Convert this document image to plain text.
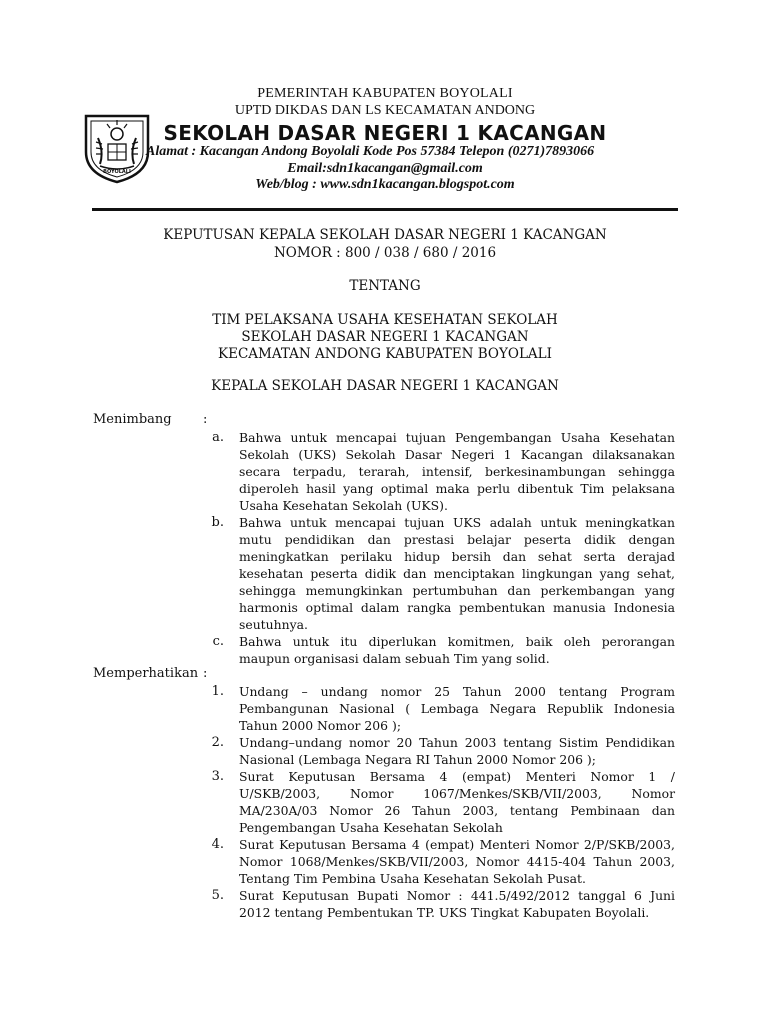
BOYOLALI
PEMERINTAH KABUPATEN BOYOLALI
UPTD DIKDAS DAN LS KECAMATAN ANDONG
SEKOLAH DASAR NEGERI 1 KACANGAN
Alamat : Kacangan Andong Boyolali Kode Pos 57384 Telepon (0271)7893066
Email:sdn1kacangan@gmail.com
Web/blog : www.sdn1kacangan.blogspot.com
KEPUTUSAN KEPALA SEKOLAH DASAR NEGERI 1 KACANGAN
NOMOR : 800 / 038 / 680 / 2016
TENTANG
TIM PELAKSANA USAHA KESEHATAN SEKOLAH
SEKOLAH DASAR NEGERI 1 KACANGAN
KECAMATAN ANDONG KABUPATEN BOYOLALI
KEPALA SEKOLAH DASAR NEGERI 1 KACANGAN
Menimbang :
a. Bahwa untuk mencapai tujuan Pengembangan Usaha Kesehatan Sekolah (UKS) Sekolah Dasar Negeri 1 Kacangan dilaksanakan secara terpadu, terarah, intensif, berkesinambungan sehingga diperoleh hasil yang optimal maka perlu dibentuk Tim pelaksana Usaha Kesehatan Sekolah (UKS).
b. Bahwa untuk mencapai tujuan UKS adalah untuk meningkatkan mutu pendidikan dan prestasi belajar peserta didik dengan meningkatkan perilaku hidup bersih dan sehat serta derajad kesehatan peserta didik dan menciptakan lingkungan yang sehat, sehingga memungkinkan pertumbuhan dan perkembangan yang harmonis optimal dalam rangka pembentukan manusia Indonesia seutuhnya.
c. Bahwa untuk itu diperlukan komitmen, baik oleh perorangan maupun organisasi dalam sebuah Tim yang solid.
Memperhatikan :
1. Undang – undang nomor 25 Tahun 2000 tentang Program Pembangunan Nasional ( Lembaga Negara Republik Indonesia Tahun 2000 Nomor 206 );
2. Undang–undang nomor 20 Tahun 2003 tentang Sistim Pendidikan Nasional (Lembaga Negara RI Tahun 2000 Nomor 206 );
3. Surat Keputusan Bersama 4 (empat) Menteri Nomor 1 / U/SKB/2003, Nomor 1067/Menkes/SKB/VII/2003, Nomor MA/230A/03 Nomor 26 Tahun 2003, tentang Pembinaan dan Pengembangan Usaha Kesehatan Sekolah
4. Surat Keputusan Bersama 4 (empat) Menteri Nomor 2/P/SKB/2003, Nomor 1068/Menkes/SKB/VII/2003, Nomor 4415-404 Tahun 2003, Tentang Tim Pembina Usaha Kesehatan Sekolah Pusat.
5. Surat Keputusan Bupati Nomor : 441.5/492/2012 tanggal 6 Juni 2012 tentang Pembentukan TP. UKS Tingkat Kabupaten Boyolali.
